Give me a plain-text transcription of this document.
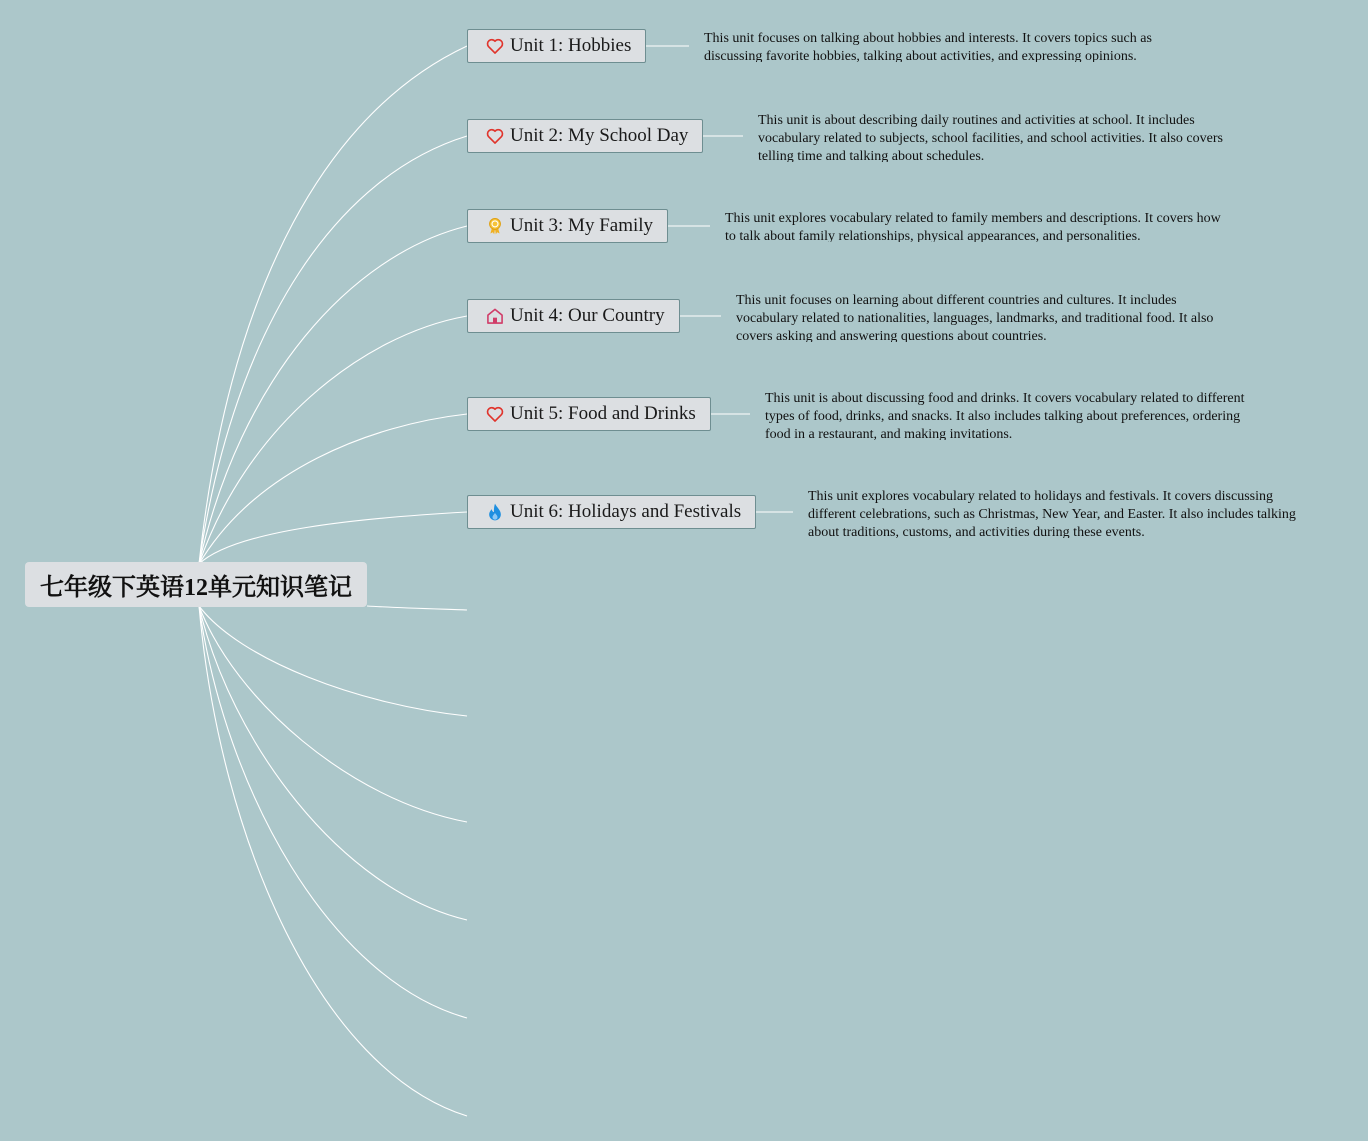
七年级下英语12单元知识笔记
Unit 1: Hobbies	This unit focuses on talking about hobbies and interests. It covers topics such as discussing favorite hobbies, talking about activities, and expressing opinions.
Unit 2: My School Day
This unit is about describing daily routines and activities at school. It includes vocabulary related to subjects, school facilities, and school activities. It also covers telling time and talking about schedules.
Unit 3: My Family	This unit explores vocabulary related to family members and descriptions. It covers how to talk about family relationships, physical appearances, and personalities.
Unit 4: Our Country
This unit focuses on learning about different countries and cultures. It includes vocabulary related to nationalities, languages, landmarks, and traditional food. It also covers asking and answering questions about countries.
Unit 5: Food and Drinks
This unit is about discussing food and drinks. It covers vocabulary related to different types of food, drinks, and snacks. It also includes talking about preferences, ordering food in a restaurant, and making invitations.
Unit 6: Holidays and Festivals
This unit explores vocabulary related to holidays and festivals. It covers discussing different celebrations, such as Christmas, New Year, and Easter. It also includes talking about traditions, customs, and activities during these events.
